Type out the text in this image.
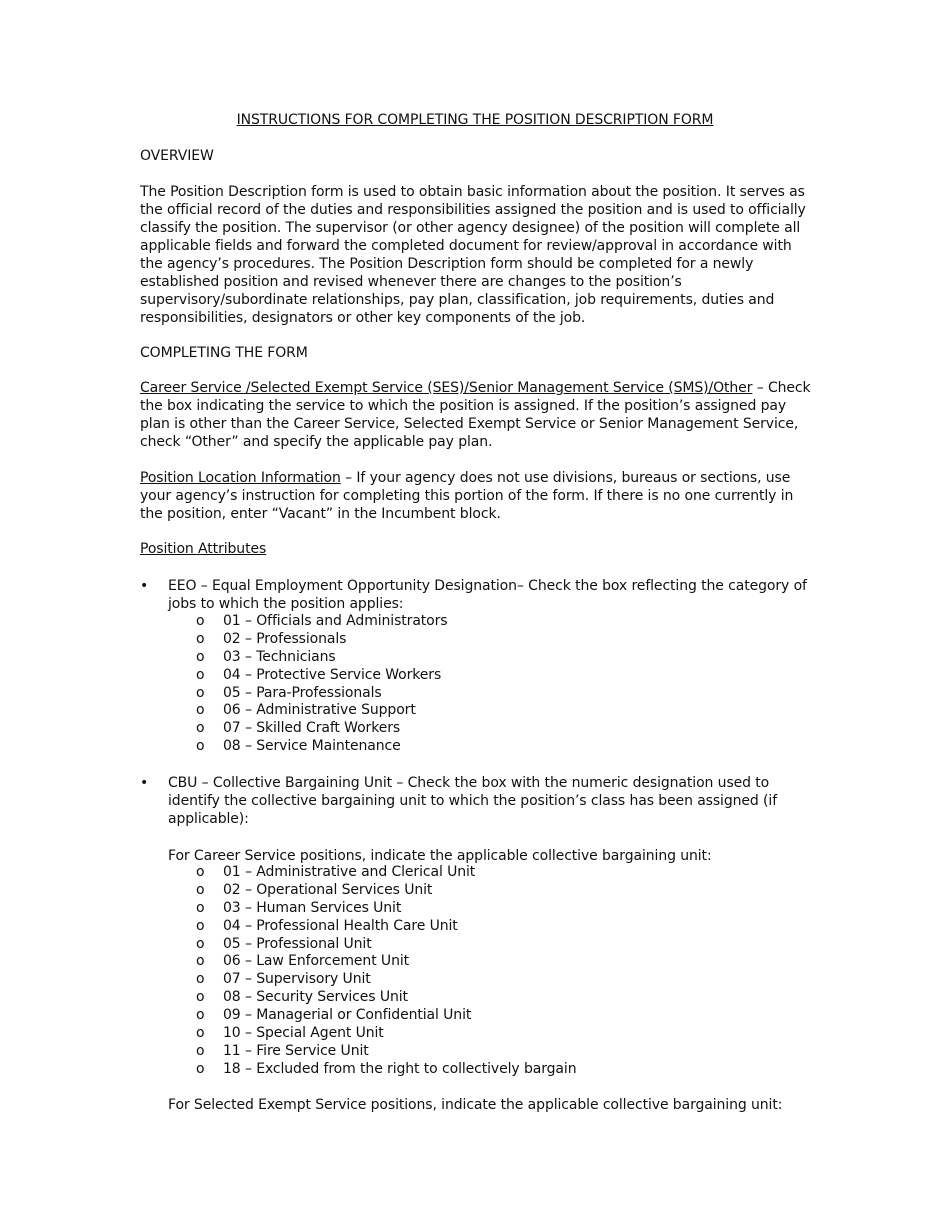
INSTRUCTIONS FOR COMPLETING THE POSITION DESCRIPTION FORM
OVERVIEW
The Position Description form is used to obtain basic information about the position. It serves as the official record of the duties and responsibilities assigned the position and is used to officially classify the position. The supervisor (or other agency designee) of the position will complete all applicable fields and forward the completed document for review/approval in accordance with the agency’s procedures. The Position Description form should be completed for a newly established position and revised whenever there are changes to the position’s supervisory/subordinate relationships, pay plan, classification, job requirements, duties and responsibilities, designators or other key components of the job.
COMPLETING THE FORM
Career Service /Selected Exempt Service (SES)/Senior Management Service (SMS)/Other – Check the box indicating the service to which the position is assigned. If the position’s assigned pay plan is other than the Career Service, Selected Exempt Service or Senior Management Service, check “Other” and specify the applicable pay plan.
Position Location Information – If your agency does not use divisions, bureaus or sections, use your agency’s instruction for completing this portion of the form. If there is no one currently in the position, enter “Vacant” in the Incumbent block.
Position Attributes
• EEO – Equal Employment Opportunity Designation– Check the box reflecting the category of jobs to which the position applies:
o 01 – Officials and Administrators
o 02 – Professionals
o 03 – Technicians
o 04 – Protective Service Workers
o 05 – Para-Professionals
o 06 – Administrative Support
o 07 – Skilled Craft Workers
o 08 – Service Maintenance
• CBU – Collective Bargaining Unit – Check the box with the numeric designation used to identify the collective bargaining unit to which the position’s class has been assigned (if applicable):
For Career Service positions, indicate the applicable collective bargaining unit:
o 01 – Administrative and Clerical Unit
o 02 – Operational Services Unit
o 03 – Human Services Unit
o 04 – Professional Health Care Unit
o 05 – Professional Unit
o 06 – Law Enforcement Unit
o 07 – Supervisory Unit
o 08 – Security Services Unit
o 09 – Managerial or Confidential Unit
o 10 – Special Agent Unit
o 11 – Fire Service Unit
o 18 – Excluded from the right to collectively bargain
For Selected Exempt Service positions, indicate the applicable collective bargaining unit:
